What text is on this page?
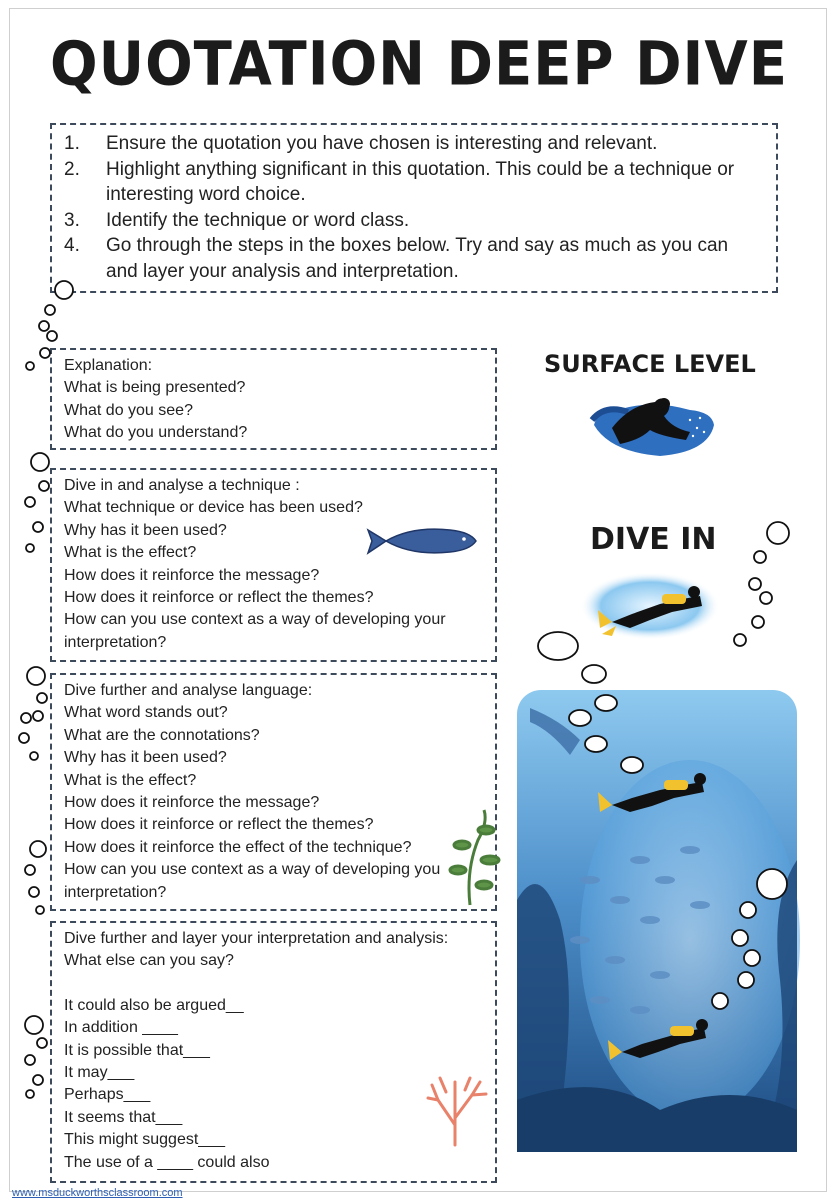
QUOTATION DEEP DIVE
1.	Ensure the quotation you have chosen is interesting and relevant.
2.	Highlight anything significant in this quotation. This could be a technique or interesting word choice.
3.	Identify the technique or word class.
4.	Go through the steps in the boxes below. Try and say as much as you can and layer your analysis and interpretation.
Explanation:
What is being presented?
What do you see?
What do you understand?
Dive in and analyse a technique :
What technique or device has been used?
Why has it been used?
What is the effect?
How does it reinforce the message?
How does it reinforce or reflect the themes?
How can you use context as a way of developing your
interpretation?
Dive further and analyse language:
What word stands out?
What are the connotations?
Why has it been used?
What is the effect?
How does it reinforce the message?
How does it reinforce or reflect the themes?
How does it reinforce the effect of the technique?
How can you use context as a way of developing you
interpretation?
Dive further and layer your interpretation and analysis:
What else can you say?
It could also be argued__
In addition ____
It is possible that___
It may___
Perhaps___
It seems that___
This might suggest___
The use of a ____ could also
SURFACE LEVEL
DIVE IN
www.msduckworthsclassroom.com
